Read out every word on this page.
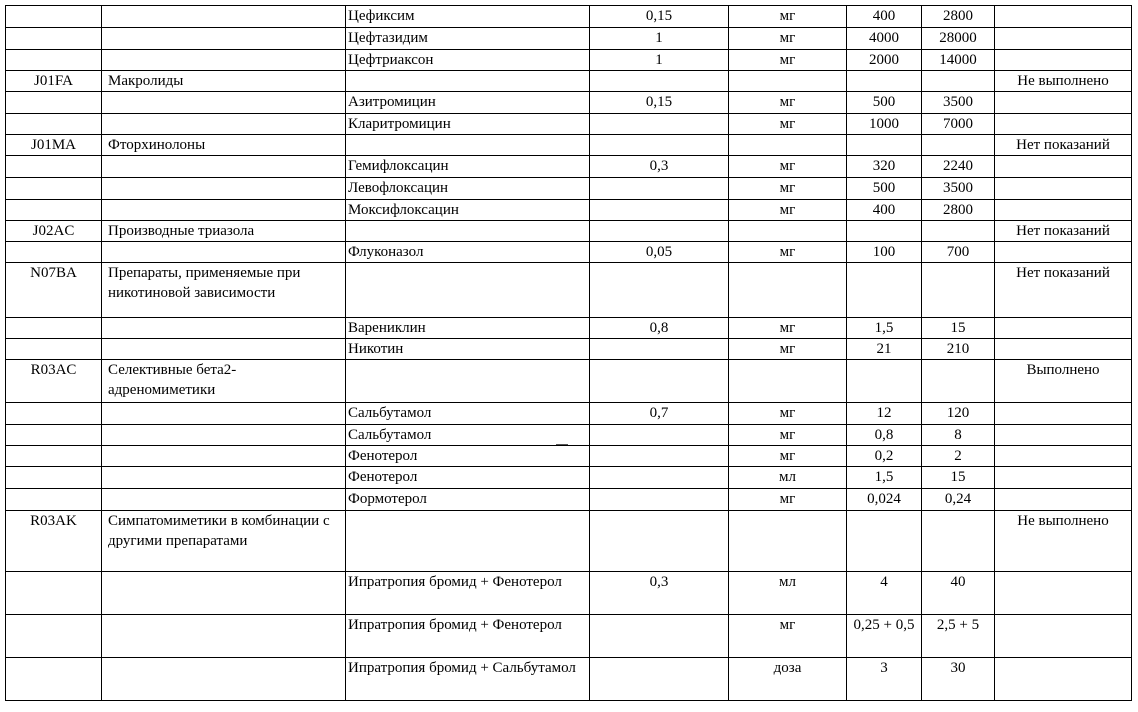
		Цефиксим	0,15	мг	400	2800	
		Цефтазидим	1	мг	4000	28000	
		Цефтриаксон	1	мг	2000	14000	
J01FA	Макролиды						Не выполнено
		Азитромицин	0,15	мг	500	3500	
		Кларитромицин		мг	1000	7000	
J01MA	Фторхинолоны						Нет показаний
		Гемифлоксацин	0,3	мг	320	2240	
		Левофлоксацин		мг	500	3500	
		Моксифлоксацин		мг	400	2800	
J02AC	Производные триазола						Нет показаний
		Флуконазол	0,05	мг	100	700	
N07BA	Препараты, применяемые при никотиновой зависимости						Нет показаний
		Варениклин	0,8	мг	1,5	15	
		Никотин		мг	21	210	
R03AC	Селективные бета2-адреномиметики						Выполнено
		Сальбутамол	0,7	мг	12	120	
		Сальбутамол		мг	0,8	8	
		Фенотерол		мг	0,2	2	
		Фенотерол		мл	1,5	15	
		Формотерол		мг	0,024	0,24	
R03AK	Симпатомиметики в комбинации с другими препаратами						Не выполнено
		Ипратропия бромид + Фенотерол	0,3	мл	4	40	
		Ипратропия бромид + Фенотерол		мг	0,25 + 0,5	2,5 + 5	
		Ипратропия бромид + Сальбутамол		доза	3	30	
